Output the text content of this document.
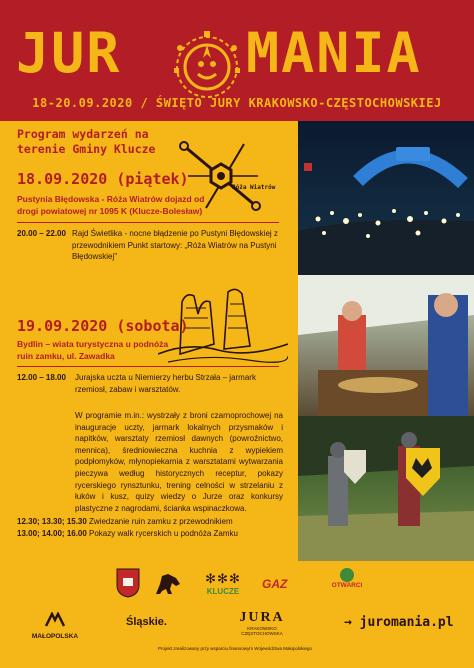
JUR MANIA
18-20.09.2020 / ŚWIĘTO JURY KRAKOWSKO-CZĘSTOCHOWSKIEJ
Program wydarzeń na terenie Gminy Klucze
Róża Wiatrów
18.09.2020 (piątek)
Pustynia Błędowska - Róża Wiatrów dojazd od drogi powiatowej nr 1095 K (Klucze-Bolesław)
20.00 – 22.00 Rajd Świetlika - nocne błądzenie po Pustyni Błędowskiej z przewodnikiem Punkt startowy: „Róża Wiatrów na Pustyni Błędowskiej"
19.09.2020 (sobota)
Bydlin – wiata turystyczna u podnóża ruin zamku, ul. Zawadka
12.00 – 18.00 Jurajska uczta u Niemierzy herbu Strzała – jarmark rzemiosł, zabaw i warsztatów.
W programie m.in.: wystrzały z broni czarnoprochowej na inauguracje uczty, jarmark lokalnych przysmaków i napitków, warsztaty rzemiosł dawnych (powroźnictwo, mennica), średniowieczna kuchnia z wypiekiem podpłomyków, młynopiekarnia z warsztatami wytwarzania pieczywa według historycznych receptur, pokazy rycerskiego rynsztunku, trening celności w strzelaniu z łuków i kusz, quizy wiedzy o Jurze oraz konkursy plastyczne z nagrodami, ścianka wspinaczkowa.
12.30; 13.30; 15.30 Zwiedzanie ruin zamku z przewodnikiem
13.00; 14.00; 16.00 Pokazy walk rycerskich u podnóża Zamku
✻✻✻
KLUCZE
GAZ	OTWARCI
MAŁOPOLSKA
Śląskie.	JURA
KRAKOWSKO CZĘSTOCHOWSKA
→ juromania.pl
Projekt zrealizowany przy wsparciu finansowym Województwa Małopolskiego
